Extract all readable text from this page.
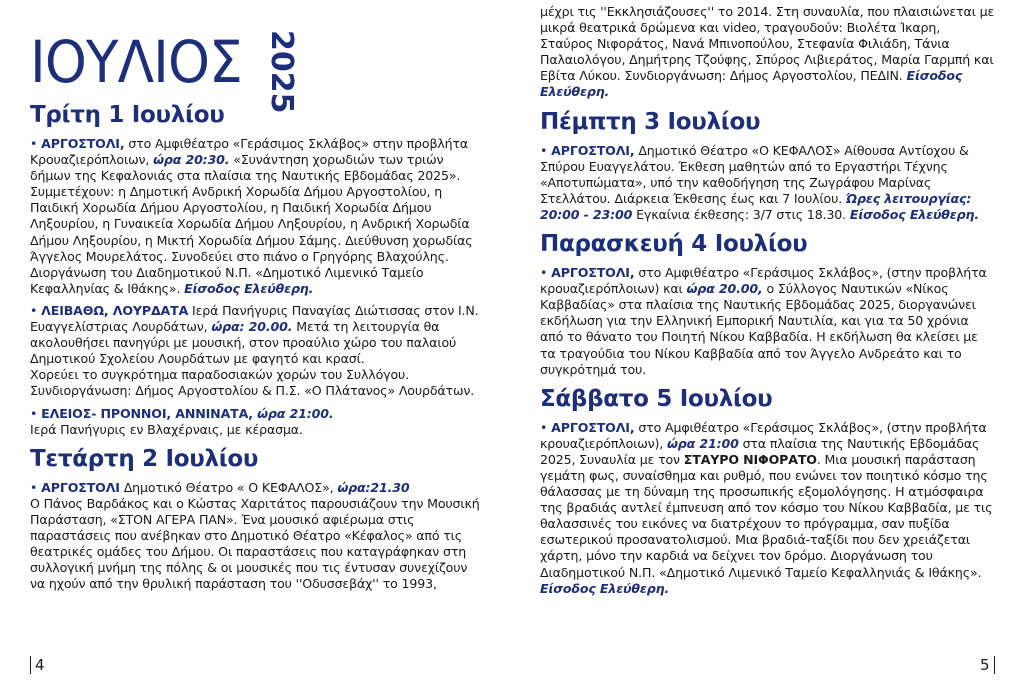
ΙΟΥΛΙΟΣ 2025
Τρίτη 1 Ιουλίου

• ΑΡΓΟΣΤΟΛΙ, στο Αμφιθέατρο «Γεράσιμος Σκλάβος» στην προβλήτα Κρουαζιερόπλοιων, ώρα 20:30. «Συνάντηση χορωδιών των τριών δήμων της Κεφαλονιάς στα πλαίσια της Ναυτικής Εβδομάδας 2025». Συμμετέχουν: η Δημοτική Ανδρική Χορωδία Δήμου Αργοστολίου, η Παιδική Χορωδία Δήμου Αργοστολίου, η Παιδική Χορωδία Δήμου Ληξουρίου, η Γυναικεία Χορωδία Δήμου Ληξουρίου, η Ανδρική Χορωδία Δήμου Ληξουρίου, η Μικτή Χορωδία Δήμου Σάμης. Διεύθυνση χορωδίας Άγγελος Μουρελάτος. Συνοδεύει στο πιάνο ο Γρηγόρης Βλαχούλης. Διοργάνωση του Διαδημοτικού Ν.Π. «Δημοτικό Λιμενικό Ταμείο Κεφαλληνίας & Ιθάκης». Είσοδος Ελεύθερη.

• ΛΕΙΒΑΘΩ, ΛΟΥΡΔΑΤΑ Ιερά Πανήγυρις Παναγίας Διώτισσας στον Ι.Ν. Ευαγγελίστριας Λουρδάτων, ώρα: 20.00. Μετά τη λειτουργία θα ακολουθήσει πανηγύρι με μουσική, στον προαύλιο χώρο του παλαιού Δημοτικού Σχολείου Λουρδάτων με φαγητό και κρασί.

Χορεύει το συγκρότημα παραδοσιακών χορών του Συλλόγου.

Συνδιοργάνωση: Δήμος Αργοστολίου & Π.Σ. «Ο Πλάτανος» Λουρδάτων.

• ΕΛΕΙΟΣ- ΠΡΟΝΝΟΙ, ΑΝΝΙΝΑΤΑ, ώρα 21:00.

Ιερά Πανήγυρις εν Βλαχέρναις, με κέρασμα.

Τετάρτη 2 Ιουλίου

• ΑΡΓΟΣΤΟΛΙ Δημοτικό Θέατρο « Ο ΚΕΦΑΛΟΣ», ώρα:21.30

Ο Πάνος Βαρδάκος και ο Κώστας Χαριτάτος παρουσιάζουν την Μουσική Παράσταση, «ΣΤΟΝ ΑΓΕΡΑ ΠΑΝ». Ένα μουσικό αφιέρωμα στις παραστάσεις που ανέβηκαν στο Δημοτικό Θέατρο «Κέφαλος» από τις θεατρικές ομάδες του Δήμου. Οι παραστάσεις που καταγράφηκαν στη συλλογική μνήμη της πόλης & οι μουσικές που τις έντυσαν συνεχίζουν να ηχούν από την θρυλική παράσταση του ''Οδυσσεβάχ'' το 1993,

μέχρι τις ''Εκκλησιάζουσες'' το 2014. Στη συναυλία, που πλαισιώνεται με μικρά θεατρικά δρώμενα και video, τραγουδούν: Βιολέτα Ίκαρη, Σταύρος Νιφοράτος, Νανά Μπινοπούλου, Στεφανία Φιλιάδη, Τάνια Παλαιολόγου, Δημήτρης Τζούφης, Σπύρος Λιβιεράτος, Μαρία Γαρμπή και Εβίτα Λύκου. Συνδιοργάνωση: Δήμος Αργοστολίου, ΠΕΔΙΝ. Είσοδος Ελεύθερη.

Πέμπτη 3 Ιουλίου

• ΑΡΓΟΣΤΟΛΙ, Δημοτικό Θέατρο «Ο ΚΕΦΑΛΟΣ» Αίθουσα Αντίοχου & Σπύρου Ευαγγελάτου. Έκθεση μαθητών από το Εργαστήρι Τέχνης «Αποτυπώματα», υπό την καθοδήγηση της Ζωγράφου Μαρίνας Στελλάτου. Διάρκεια Έκθεσης έως και 7 Ιουλίου. Ώρες λειτουργίας: 20:00 - 23:00 Εγκαίνια έκθεσης: 3/7 στις 18.30. Είσοδος Ελεύθερη.

Παρασκευή 4 Ιουλίου

• ΑΡΓΟΣΤΟΛΙ, στο Αμφιθέατρο «Γεράσιμος Σκλάβος», (στην προβλήτα κρουαζιερόπλοιων) και ώρα 20.00, ο Σύλλογος Ναυτικών «Νίκος Καββαδίας» στα πλαίσια της Ναυτικής Εβδομάδας 2025, διοργανώνει εκδήλωση για την Ελληνική Εμπορική Ναυτιλία, και για τα 50 χρόνια από το θάνατο του Ποιητή Νίκου Καββαδία. Η εκδήλωση θα κλείσει με τα τραγούδια του Νίκου Καββαδία από τον Άγγελο Ανδρεάτο και το συγκρότημά του.

Σάββατο 5 Ιουλίου

• ΑΡΓΟΣΤΟΛΙ, στο Αμφιθέατρο «Γεράσιμος Σκλάβος», (στην προβλήτα κρουαζιερόπλοιων), ώρα 21:00 στα πλαίσια της Ναυτικής Εβδομάδας 2025, Συναυλία με τον ΣΤΑΥΡΟ ΝΙΦΟΡΑΤΟ. Μια μουσική παράσταση γεμάτη φως, συναίσθημα και ρυθμό, που ενώνει τον ποιητικό κόσμο της θάλασσας με τη δύναμη της προσωπικής εξομολόγησης. Η ατμόσφαιρα της βραδιάς αντλεί έμπνευση από τον κόσμο του Νίκου Καββαδία, με τις θαλασσινές του εικόνες να διατρέχουν το πρόγραμμα, σαν πυξίδα εσωτερικού προσανατολισμού. Μια βραδιά-ταξίδι που δεν χρειάζεται χάρτη, μόνο την καρδιά να δείχνει τον δρόμο. Διοργάνωση του Διαδημοτικού Ν.Π. «Δημοτικό Λιμενικό Ταμείο Κεφαλληνιάς & Ιθάκης». Είσοδος Ελεύθερη.

4	5
